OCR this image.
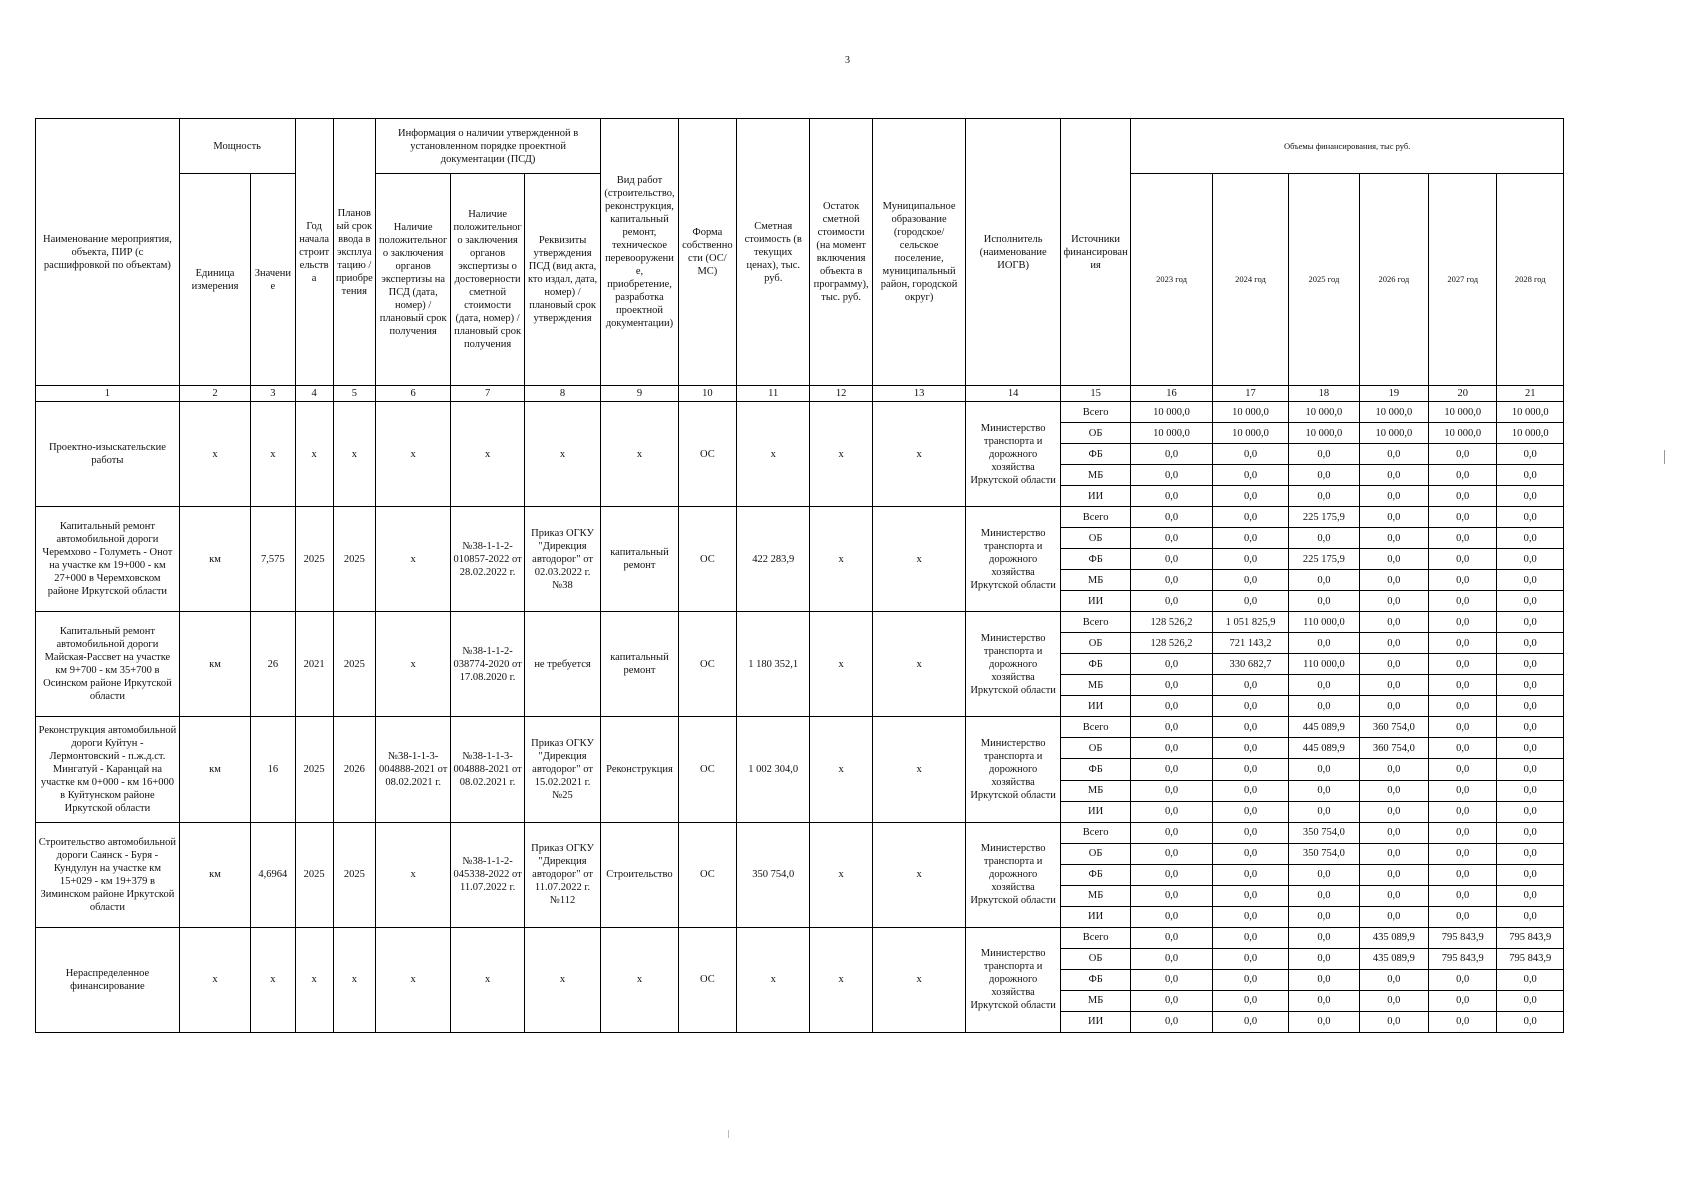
3
Наименование мероприятия, объекта, ПИР (с расшифровкой по объектам)	Мощность		Год начала строительства	Плановый срок ввода в эксплуатацию / приобретения	Информация о наличии утвержденной в установленном порядке проектной документации (ПСД)			Вид работ (строительство, реконструкция, капитальный ремонт, техническое перевооружение, приобретение, разработка проектной документации)	Форма собственности (ОС/МС)	Сметная стоимость (в текущих ценах), тыс. руб.	Остаток сметной стоимости (на момент включения объекта в программу), тыс. руб.	Муниципальное образование (городское/сельское поселение, муниципальный район, городской округ)	Исполнитель (наименование ИОГВ)	Источники финансирования	Объемы финансирования, тыс руб.					
	Единица измерения	Значение			Наличие положительного заключения органов экспертизы на ПСД (дата, номер) / плановый срок получения	Наличие положительного заключения органов экспертизы о достоверности сметной стоимости (дата, номер) / плановый срок получения	Реквизиты утверждения ПСД (вид акта, кто издал, дата, номер) / плановый срок утверждения								2023 год	2024 год	2025 год	2026 год	2027 год	2028 год
1	2	3	4	5	6	7	8	9	10	11	12	13	14	15	16	17	18	19	20	21
Проектно-изыскательские работы	x	x	x	x	x	x	x	x	ОС	x	x	x	Министерство транспорта и дорожного хозяйства Иркутской области	Всего	10 000,0	10 000,0	10 000,0	10 000,0	10 000,0	10 000,0
														ОБ	10 000,0	10 000,0	10 000,0	10 000,0	10 000,0	10 000,0
														ФБ	0,0	0,0	0,0	0,0	0,0	0,0
														МБ	0,0	0,0	0,0	0,0	0,0	0,0
														ИИ	0,0	0,0	0,0	0,0	0,0	0,0
Капитальный ремонт автомобильной дороги Черемхово - Голуметь - Онот на участке км 19+000 - км 27+000 в Черемховском районе Иркутской области	км	7,575	2025	2025	x	№38-1-1-2-010857-2022 от 28.02.2022 г.	Приказ ОГКУ "Дирекция автодорог" от 02.03.2022 г. №38	капитальный ремонт	ОС	422 283,9	x	x	Министерство транспорта и дорожного хозяйства Иркутской области	Всего	0,0	0,0	225 175,9	0,0	0,0	0,0
														ОБ	0,0	0,0	0,0	0,0	0,0	0,0
														ФБ	0,0	0,0	225 175,9	0,0	0,0	0,0
														МБ	0,0	0,0	0,0	0,0	0,0	0,0
														ИИ	0,0	0,0	0,0	0,0	0,0	0,0
Капитальный ремонт автомобильной дороги Майская-Рассвет на участке км 9+700 - км 35+700 в Осинском районе Иркутской области	км	26	2021	2025	x	№38-1-1-2-038774-2020 от 17.08.2020 г.	не требуется	капитальный ремонт	ОС	1 180 352,1	x	x	Министерство транспорта и дорожного хозяйства Иркутской области	Всего	128 526,2	1 051 825,9	110 000,0	0,0	0,0	0,0
														ОБ	128 526,2	721 143,2	0,0	0,0	0,0	0,0
														ФБ	0,0	330 682,7	110 000,0	0,0	0,0	0,0
														МБ	0,0	0,0	0,0	0,0	0,0	0,0
														ИИ	0,0	0,0	0,0	0,0	0,0	0,0
Реконструкция автомобильной дороги Куйтун - Лермонтовский - п.ж.д.ст. Мингатуй - Каранцай на участке км 0+000 - км 16+000 в Куйтунском районе Иркутской области	км	16	2025	2026	№38-1-1-3-004888-2021 от 08.02.2021 г.	№38-1-1-3-004888-2021 от 08.02.2021 г.	Приказ ОГКУ "Дирекция автодорог" от 15.02.2021 г. №25	Реконструкция	ОС	1 002 304,0	x	x	Министерство транспорта и дорожного хозяйства Иркутской области	Всего	0,0	0,0	445 089,9	360 754,0	0,0	0,0
														ОБ	0,0	0,0	445 089,9	360 754,0	0,0	0,0
														ФБ	0,0	0,0	0,0	0,0	0,0	0,0
														МБ	0,0	0,0	0,0	0,0	0,0	0,0
														ИИ	0,0	0,0	0,0	0,0	0,0	0,0
Строительство автомобильной дороги Саянск - Буря - Кундулун на участке км 15+029 - км 19+379 в Зиминском районе Иркутской области	км	4,6964	2025	2025	x	№38-1-1-2-045338-2022 от 11.07.2022 г.	Приказ ОГКУ "Дирекция автодорог" от 11.07.2022 г. №112	Строительство	ОС	350 754,0	x	x	Министерство транспорта и дорожного хозяйства Иркутской области	Всего	0,0	0,0	350 754,0	0,0	0,0	0,0
														ОБ	0,0	0,0	350 754,0	0,0	0,0	0,0
														ФБ	0,0	0,0	0,0	0,0	0,0	0,0
														МБ	0,0	0,0	0,0	0,0	0,0	0,0
														ИИ	0,0	0,0	0,0	0,0	0,0	0,0
Нераспределенное финансирование	x	x	x	x	x	x	x	x	ОС	x	x	x	Министерство транспорта и дорожного хозяйства Иркутской области	Всего	0,0	0,0	0,0	435 089,9	795 843,9	795 843,9
														ОБ	0,0	0,0	0,0	435 089,9	795 843,9	795 843,9
														ФБ	0,0	0,0	0,0	0,0	0,0	0,0
														МБ	0,0	0,0	0,0	0,0	0,0	0,0
														ИИ	0,0	0,0	0,0	0,0	0,0	0,0
